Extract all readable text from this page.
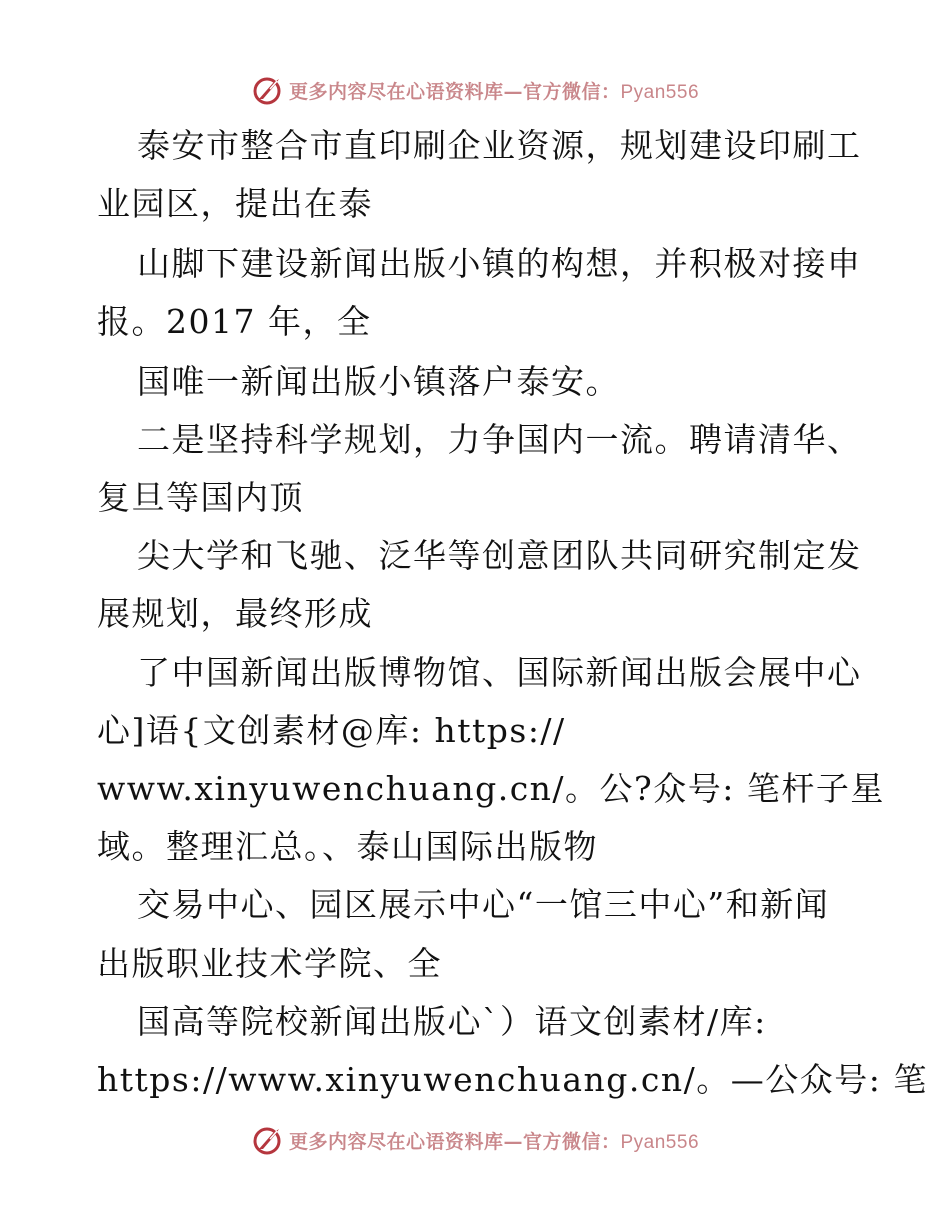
更多内容尽在心语资料库—官方微信：Pyan556
泰安市整合市直印刷企业资源，规划建设印刷工
业园区，提出在泰
山脚下建设新闻出版小镇的构想，并积极对接申
报。2017 年，全
国唯一新闻出版小镇落户泰安。
二是坚持科学规划，力争国内一流。聘请清华、
复旦等国内顶
尖大学和飞驰、泛华等创意团队共同研究制定发
展规划，最终形成
了中国新闻出版博物馆、国际新闻出版会展中心
心]语{文创素材@库: https://
www.xinyuwenchuang.cn/。公?众号: 笔杆子星
域。整理汇总。、泰山国际出版物
交易中心、园区展示中心“一馆三中心”和新闻
出版职业技术学院、全
国高等院校新闻出版心`）语文创素材/库:
https://www.xinyuwenchuang.cn/。—公众号: 笔
更多内容尽在心语资料库—官方微信：Pyan556
